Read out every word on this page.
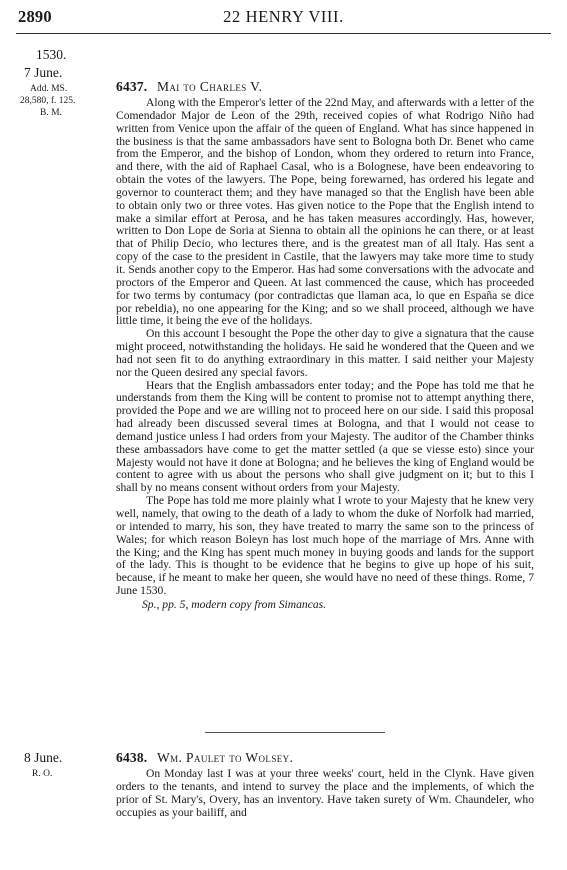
2890	22 HENRY VIII.
1530.
7 June.
Add. MS.
28,580, f. 125.
B. M.
6437. Mai to Charles V.

Along with the Emperor's letter of the 22nd May, and afterwards with a letter of the Comendador Major de Leon of the 29th, received copies of what Rodrigo Niño had written from Venice upon the affair of the queen of England. What has since happened in the business is that the same ambassadors have sent to Bologna both Dr. Benet who came from the Emperor, and the bishop of London, whom they ordered to return into France, and there, with the aid of Raphael Casal, who is a Bolognese, have been endeavoring to obtain the votes of the lawyers. The Pope, being forewarned, has ordered his legate and governor to counteract them; and they have managed so that the English have been able to obtain only two or three votes. Has given notice to the Pope that the English intend to make a similar effort at Perosa, and he has taken measures accordingly. Has, however, written to Don Lope de Soria at Sienna to obtain all the opinions he can there, or at least that of Philip Decio, who lectures there, and is the greatest man of all Italy. Has sent a copy of the case to the president in Castile, that the lawyers may take more time to study it. Sends another copy to the Emperor. Has had some conversations with the advocate and proctors of the Emperor and Queen. At last commenced the cause, which has proceeded for two terms by contumacy (por contradictas que llaman aca, lo que en España se dice por rebeldia), no one appearing for the King; and so we shall proceed, although we have little time, it being the eve of the holidays.

On this account I besought the Pope the other day to give a signatura that the cause might proceed, notwithstanding the holidays. He said he wondered that the Queen and we had not seen fit to do anything extraordinary in this matter. I said neither your Majesty nor the Queen desired any special favors.

Hears that the English ambassadors enter today; and the Pope has told me that he understands from them the King will be content to promise not to attempt anything there, provided the Pope and we are willing not to proceed here on our side. I said this proposal had already been discussed several times at Bologna, and that I would not cease to demand justice unless I had orders from your Majesty. The auditor of the Chamber thinks these ambassadors have come to get the matter settled (a que se viesse esto) since your Majesty would not have it done at Bologna; and he believes the king of England would be content to agree with us about the persons who shall give judgment on it; but to this I shall by no means consent without orders from your Majesty.

The Pope has told me more plainly what I wrote to your Majesty that he knew very well, namely, that owing to the death of a lady to whom the duke of Norfolk had married, or intended to marry, his son, they have treated to marry the same son to the princess of Wales; for which reason Boleyn has lost much hope of the marriage of Mrs. Anne with the King; and the King has spent much money in buying goods and lands for the support of the lady. This is thought to be evidence that he begins to give up hope of his suit, because, if he meant to make her queen, she would have no need of these things. Rome, 7 June 1530.

Sp., pp. 5, modern copy from Simancas.

8 June.
R. O.
6438. Wm. Paulet to Wolsey.

On Monday last I was at your three weeks' court, held in the Clynk. Have given orders to the tenants, and intend to survey the place and the implements, of which the prior of St. Mary's, Overy, has an inventory. Have taken surety of Wm. Chaundeler, who occupies as your bailiff, and
